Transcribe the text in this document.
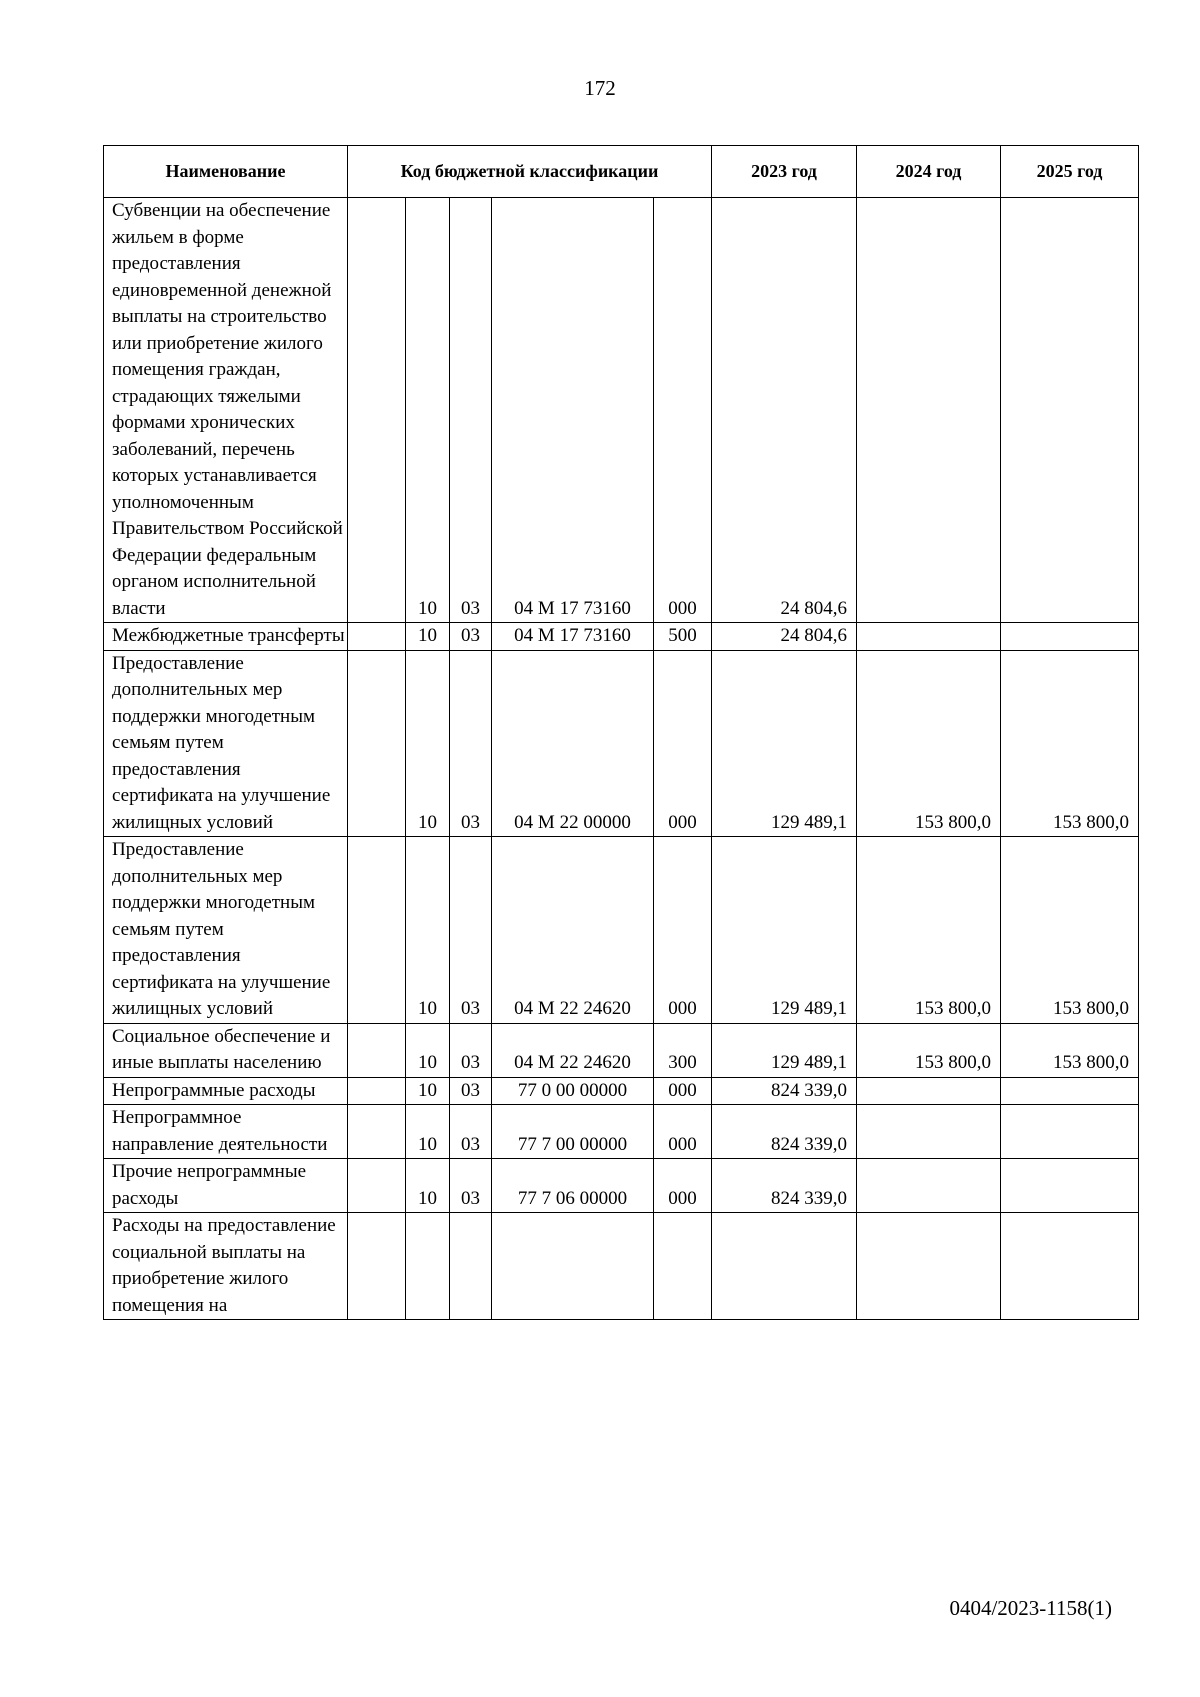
172
Наименование	Код бюджетной классификации					2023 год	2024 год	2025 год
Субвенции на обеспечение жильем в форме предоставления единовременной денежной выплаты на строительство или приобретение жилого помещения граждан, страдающих тяжелыми формами хронических заболеваний, перечень которых устанавливается уполномоченным Правительством Российской Федерации федеральным органом исполнительной власти		10	03	04 М 17 73160	000	24 804,6		
Межбюджетные трансферты		10	03	04 М 17 73160	500	24 804,6		
Предоставление дополнительных мер поддержки многодетным семьям путем предоставления сертификата на улучшение жилищных условий		10	03	04 М 22 00000	000	129 489,1	153 800,0	153 800,0
Предоставление дополнительных мер поддержки многодетным семьям путем предоставления сертификата на улучшение жилищных условий		10	03	04 М 22 24620	000	129 489,1	153 800,0	153 800,0
Социальное обеспечение и иные выплаты населению		10	03	04 М 22 24620	300	129 489,1	153 800,0	153 800,0
Непрограммные расходы		10	03	77 0 00 00000	000	824 339,0		
Непрограммное направление деятельности		10	03	77 7 00 00000	000	824 339,0		
Прочие непрограммные расходы		10	03	77 7 06 00000	000	824 339,0		
Расходы на предоставление социальной выплаты на приобретение жилого помещения на								
0404/2023-1158(1)
